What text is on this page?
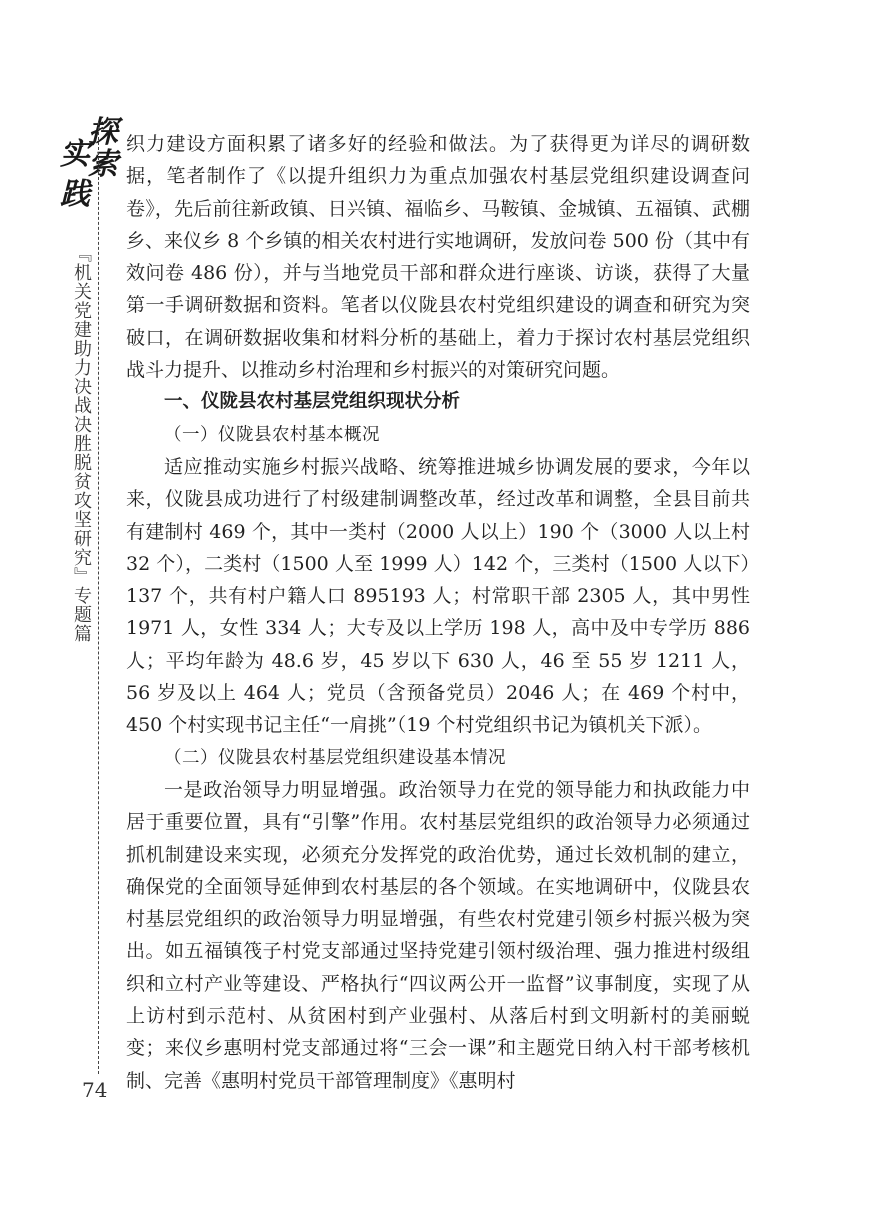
探
索
实
践
『机关党建助力决战决胜脱贫攻坚研究』专题篇
74

织力建设方面积累了诸多好的经验和做法。为了获得更为详尽的调研数据，笔者制作了《以提升组织力为重点加强农村基层党组织建设调查问卷》，先后前往新政镇、日兴镇、福临乡、马鞍镇、金城镇、五福镇、武棚乡、来仪乡 8 个乡镇的相关农村进行实地调研，发放问卷 500 份（其中有效问卷 486 份），并与当地党员干部和群众进行座谈、访谈，获得了大量第一手调研数据和资料。笔者以仪陇县农村党组织建设的调查和研究为突破口，在调研数据收集和材料分析的基础上，着力于探讨农村基层党组织战斗力提升、以推动乡村治理和乡村振兴的对策研究问题。

一、仪陇县农村基层党组织现状分析

（一）仪陇县农村基本概况

适应推动实施乡村振兴战略、统筹推进城乡协调发展的要求，今年以来，仪陇县成功进行了村级建制调整改革，经过改革和调整，全县目前共有建制村 469 个，其中一类村（2000 人以上）190 个（3000 人以上村 32 个），二类村（1500 人至 1999 人）142 个，三类村（1500 人以下）137 个，共有村户籍人口 895193 人；村常职干部 2305 人，其中男性 1971 人，女性 334 人；大专及以上学历 198 人，高中及中专学历 886 人；平均年龄为 48.6 岁，45 岁以下 630 人，46 至 55 岁 1211 人，56 岁及以上 464 人；党员（含预备党员）2046 人；在 469 个村中，450 个村实现书记主任“一肩挑”（19 个村党组织书记为镇机关下派）。

（二）仪陇县农村基层党组织建设基本情况

一是政治领导力明显增强。政治领导力在党的领导能力和执政能力中居于重要位置，具有“引擎”作用。农村基层党组织的政治领导力必须通过抓机制建设来实现，必须充分发挥党的政治优势，通过长效机制的建立，确保党的全面领导延伸到农村基层的各个领域。在实地调研中，仪陇县农村基层党组织的政治领导力明显增强，有些农村党建引领乡村振兴极为突出。如五福镇筏子村党支部通过坚持党建引领村级治理、强力推进村级组织和立村产业等建设、严格执行“四议两公开一监督”议事制度，实现了从上访村到示范村、从贫困村到产业强村、从落后村到文明新村的美丽蜕变；来仪乡惠明村党支部通过将“三会一课”和主题党日纳入村干部考核机制、完善《惠明村党员干部管理制度》《惠明村
